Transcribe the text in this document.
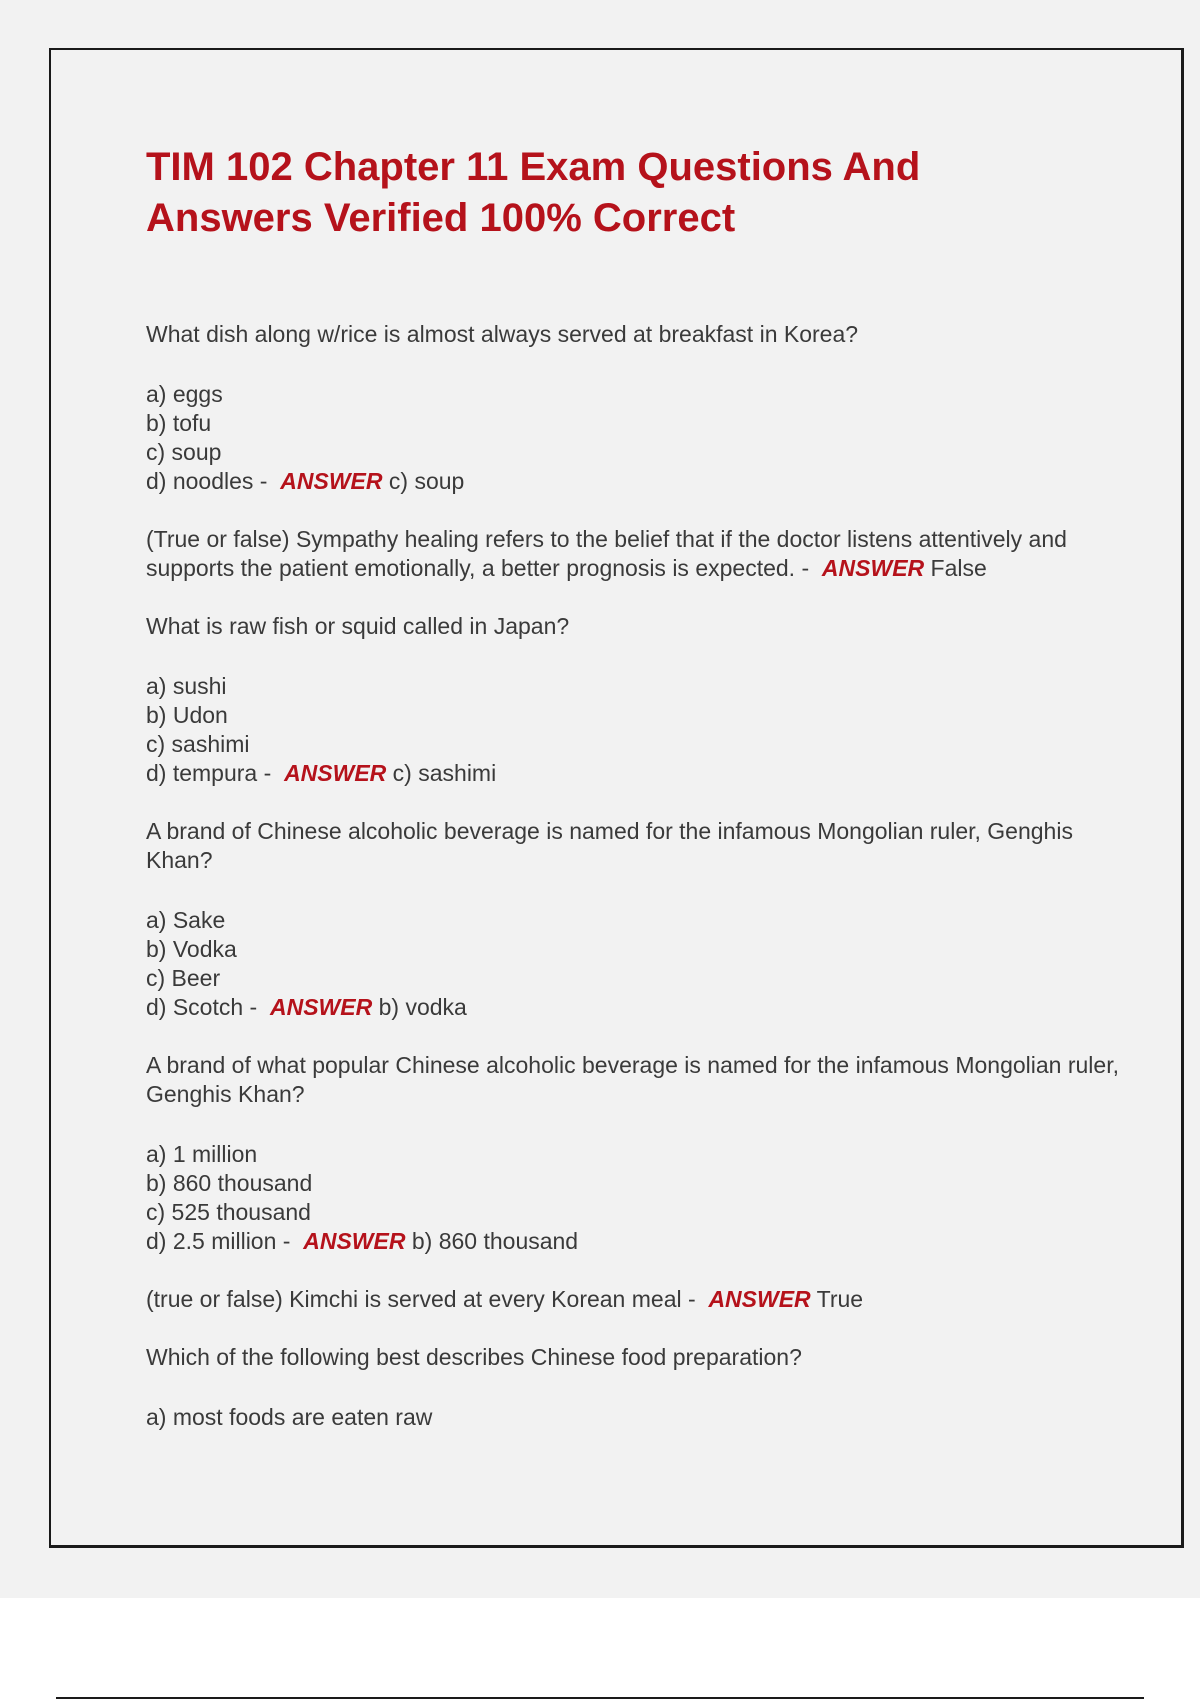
TIM 102 Chapter 11 Exam Questions And
Answers Verified 100% Correct

What dish along w/rice is almost always served at breakfast in Korea?

a) eggs
b) tofu
c) soup
d) noodles -  ANSWER c) soup

(True or false) Sympathy healing refers to the belief that if the doctor listens attentively and supports the patient emotionally, a better prognosis is expected. -  ANSWER False

What is raw fish or squid called in Japan?

a) sushi
b) Udon
c) sashimi
d) tempura -  ANSWER c) sashimi

A brand of Chinese alcoholic beverage is named for the infamous Mongolian ruler, Genghis Khan?

a) Sake
b) Vodka
c) Beer
d) Scotch -  ANSWER b) vodka

A brand of what popular Chinese alcoholic beverage is named for the infamous Mongolian ruler, Genghis Khan?

a) 1 million
b) 860 thousand
c) 525 thousand
d) 2.5 million -  ANSWER b) 860 thousand

(true or false) Kimchi is served at every Korean meal -  ANSWER True

Which of the following best describes Chinese food preparation?

a) most foods are eaten raw
